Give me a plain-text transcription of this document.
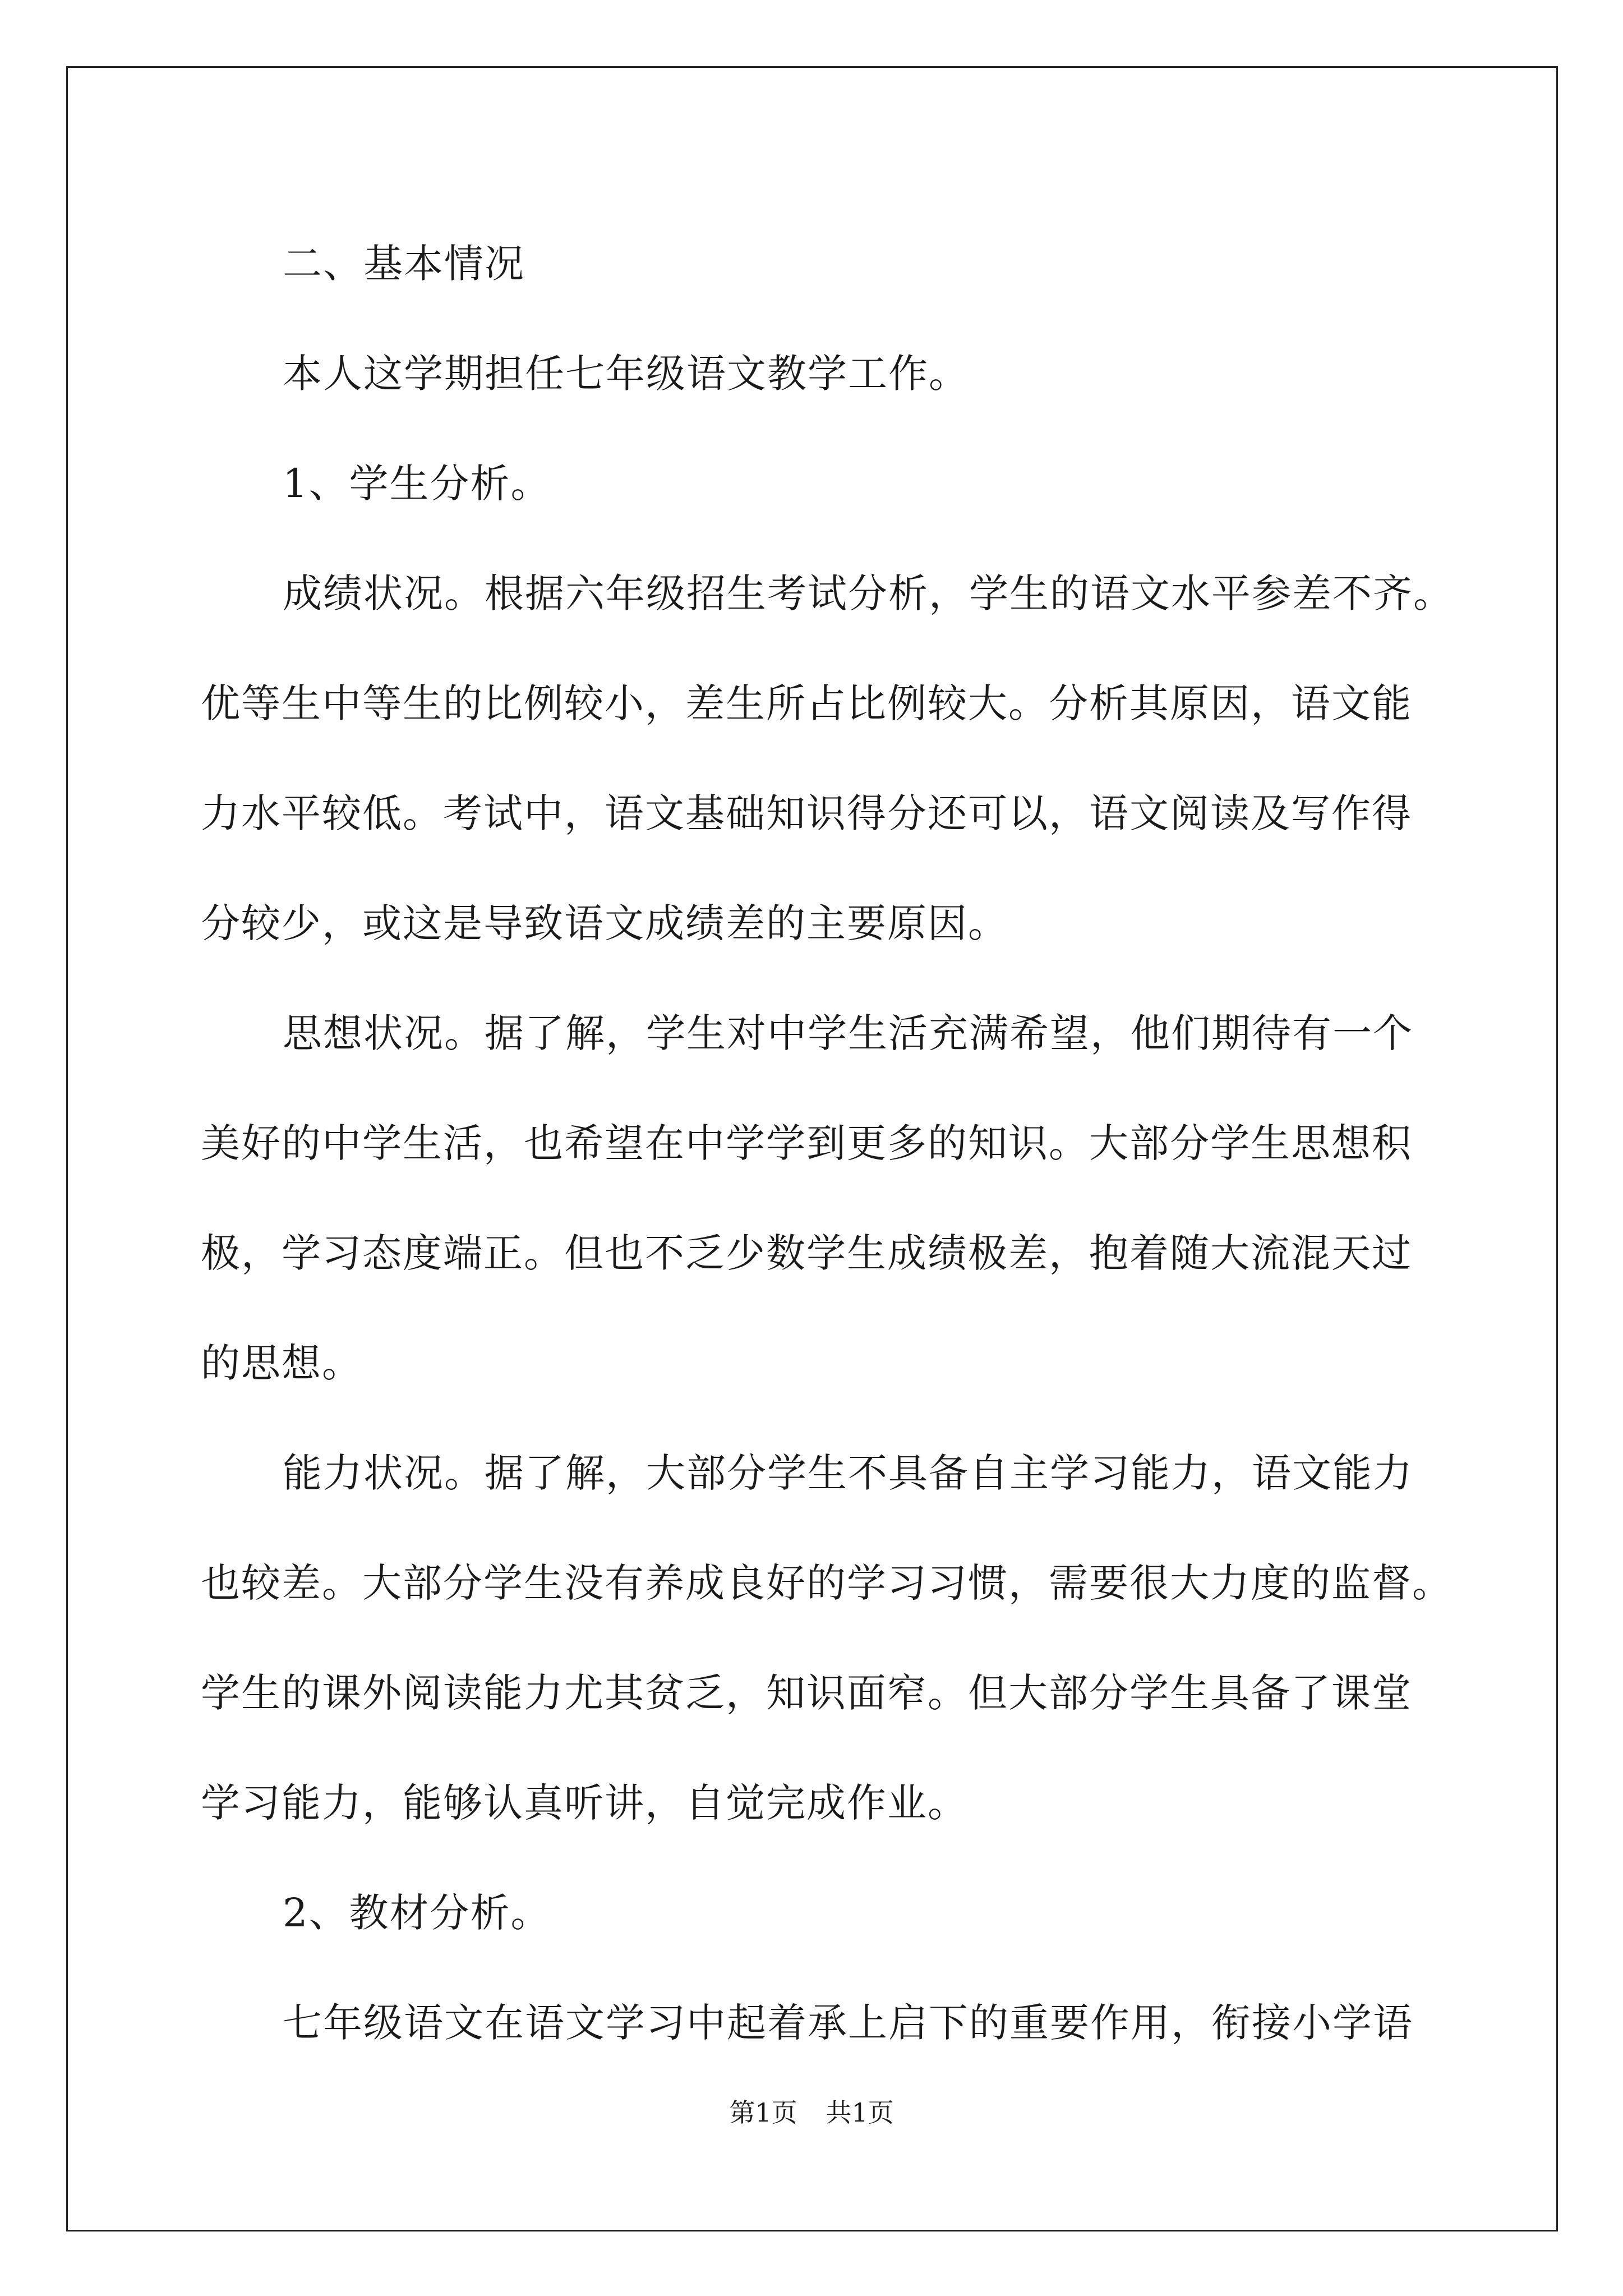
二、基本情况

本人这学期担任七年级语文教学工作。

1、学生分析。

成绩状况。根据六年级招生考试分析，学生的语文水平参差不齐。

优等生中等生的比例较小，差生所占比例较大。分析其原因，语文能

力水平较低。考试中，语文基础知识得分还可以，语文阅读及写作得

分较少，或这是导致语文成绩差的主要原因。

思想状况。据了解，学生对中学生活充满希望，他们期待有一个

美好的中学生活，也希望在中学学到更多的知识。大部分学生思想积

极，学习态度端正。但也不乏少数学生成绩极差，抱着随大流混天过

的思想。

能力状况。据了解，大部分学生不具备自主学习能力，语文能力

也较差。大部分学生没有养成良好的学习习惯，需要很大力度的监督。

学生的课外阅读能力尤其贫乏，知识面窄。但大部分学生具备了课堂

学习能力，能够认真听讲，自觉完成作业。

2、教材分析。

七年级语文在语文学习中起着承上启下的重要作用，衔接小学语

第1页 共1页
